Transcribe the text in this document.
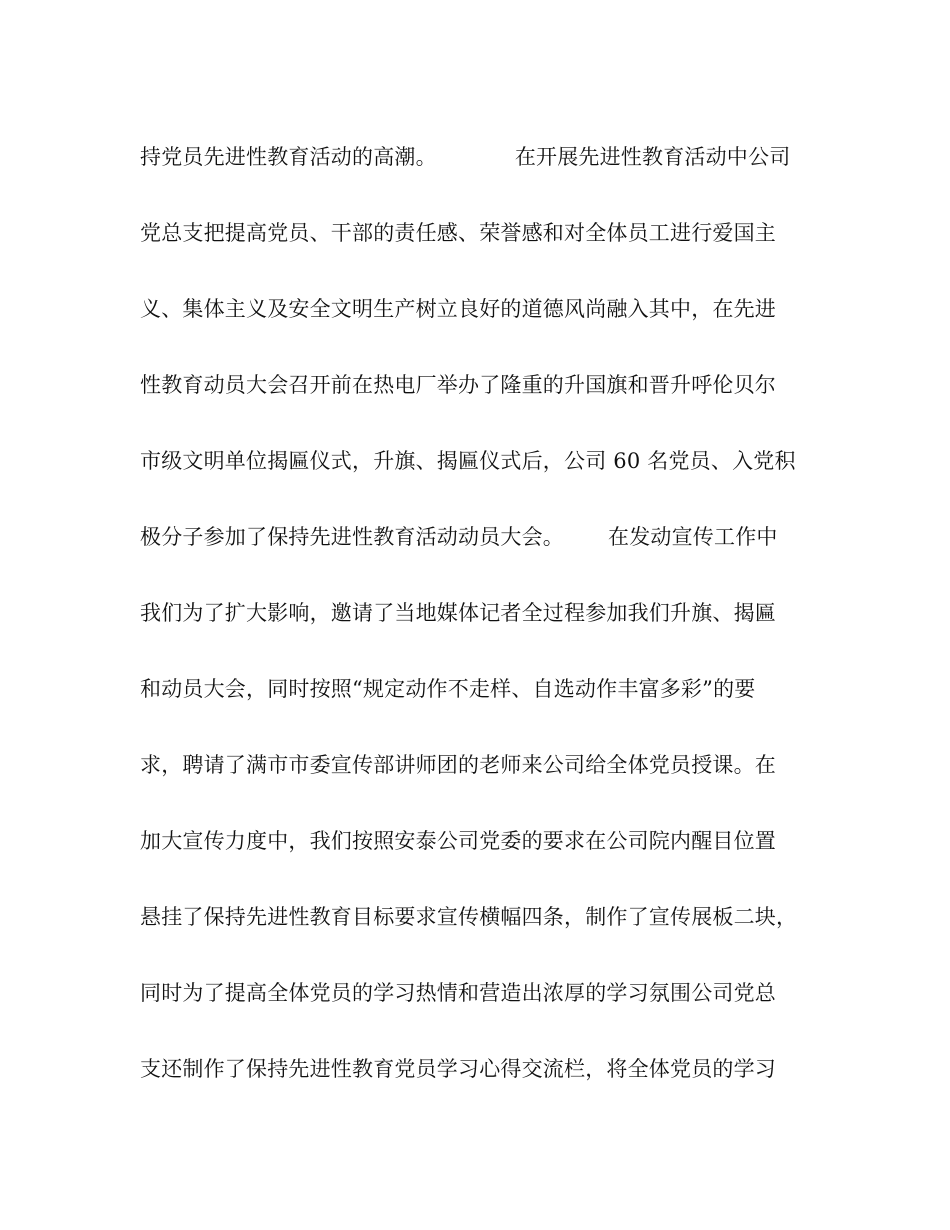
持党员先进性教育活动的高潮。	在开展先进性教育活动中公司
党总支把提高党员、干部的责任感、荣誉感和对全体员工进行爱国主
义、集体主义及安全文明生产树立良好的道德风尚融入其中，在先进
性教育动员大会召开前在热电厂举办了隆重的升国旗和晋升呼伦贝尔
市级文明单位揭匾仪式，升旗、揭匾仪式后，公司 60 名党员、入党积
极分子参加了保持先进性教育活动动员大会。 在发动宣传工作中
我们为了扩大影响，邀请了当地媒体记者全过程参加我们升旗、揭匾
和动员大会，同时按照“规定动作不走样、自选动作丰富多彩”的要
求，聘请了满市市委宣传部讲师团的老师来公司给全体党员授课。在
加大宣传力度中，我们按照安泰公司党委的要求在公司院内醒目位置
悬挂了保持先进性教育目标要求宣传横幅四条，制作了宣传展板二块，
同时为了提高全体党员的学习热情和营造出浓厚的学习氛围公司党总
支还制作了保持先进性教育党员学习心得交流栏，将全体党员的学习
